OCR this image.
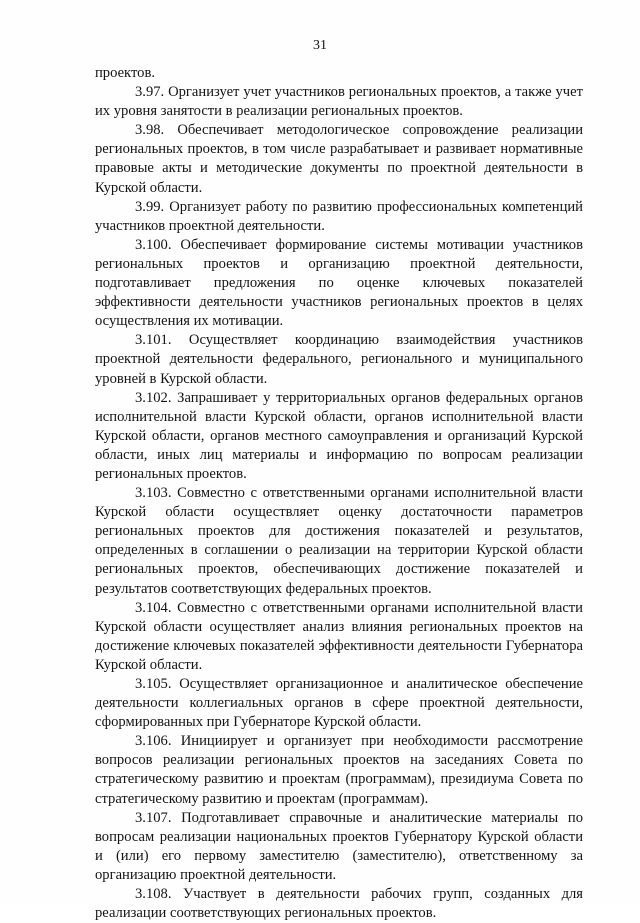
31

проектов.

3.97. Организует учет участников региональных проектов, а также учет их уровня занятости в реализации региональных проектов.

3.98. Обеспечивает методологическое сопровождение реализации региональных проектов, в том числе разрабатывает и развивает нормативные правовые акты и методические документы по проектной деятельности в Курской области.

3.99. Организует работу по развитию профессиональных компетенций участников проектной деятельности.

3.100. Обеспечивает формирование системы мотивации участников региональных проектов и организацию проектной деятельности, подготавливает предложения по оценке ключевых показателей эффективности деятельности участников региональных проектов в целях осуществления их мотивации.

3.101. Осуществляет координацию взаимодействия участников проектной деятельности федерального, регионального и муниципального уровней в Курской области.

3.102. Запрашивает у территориальных органов федеральных органов исполнительной власти Курской области, органов исполнительной власти Курской области, органов местного самоуправления и организаций Курской области, иных лиц материалы и информацию по вопросам реализации региональных проектов.

3.103. Совместно с ответственными органами исполнительной власти Курской области осуществляет оценку достаточности параметров региональных проектов для достижения показателей и результатов, определенных в соглашении о реализации на территории Курской области региональных проектов, обеспечивающих достижение показателей и результатов соответствующих федеральных проектов.

3.104. Совместно с ответственными органами исполнительной власти Курской области осуществляет анализ влияния региональных проектов на достижение ключевых показателей эффективности деятельности Губернатора Курской области.

3.105. Осуществляет организационное и аналитическое обеспечение деятельности коллегиальных органов в сфере проектной деятельности, сформированных при Губернаторе Курской области.

3.106. Инициирует и организует при необходимости рассмотрение вопросов реализации региональных проектов на заседаниях Совета по стратегическому развитию и проектам (программам), президиума Совета по стратегическому развитию и проектам (программам).

3.107. Подготавливает справочные и аналитические материалы по вопросам реализации национальных проектов Губернатору Курской области и (или) его первому заместителю (заместителю), ответственному за организацию проектной деятельности.

3.108. Участвует в деятельности рабочих групп, созданных для реализации соответствующих региональных проектов.
